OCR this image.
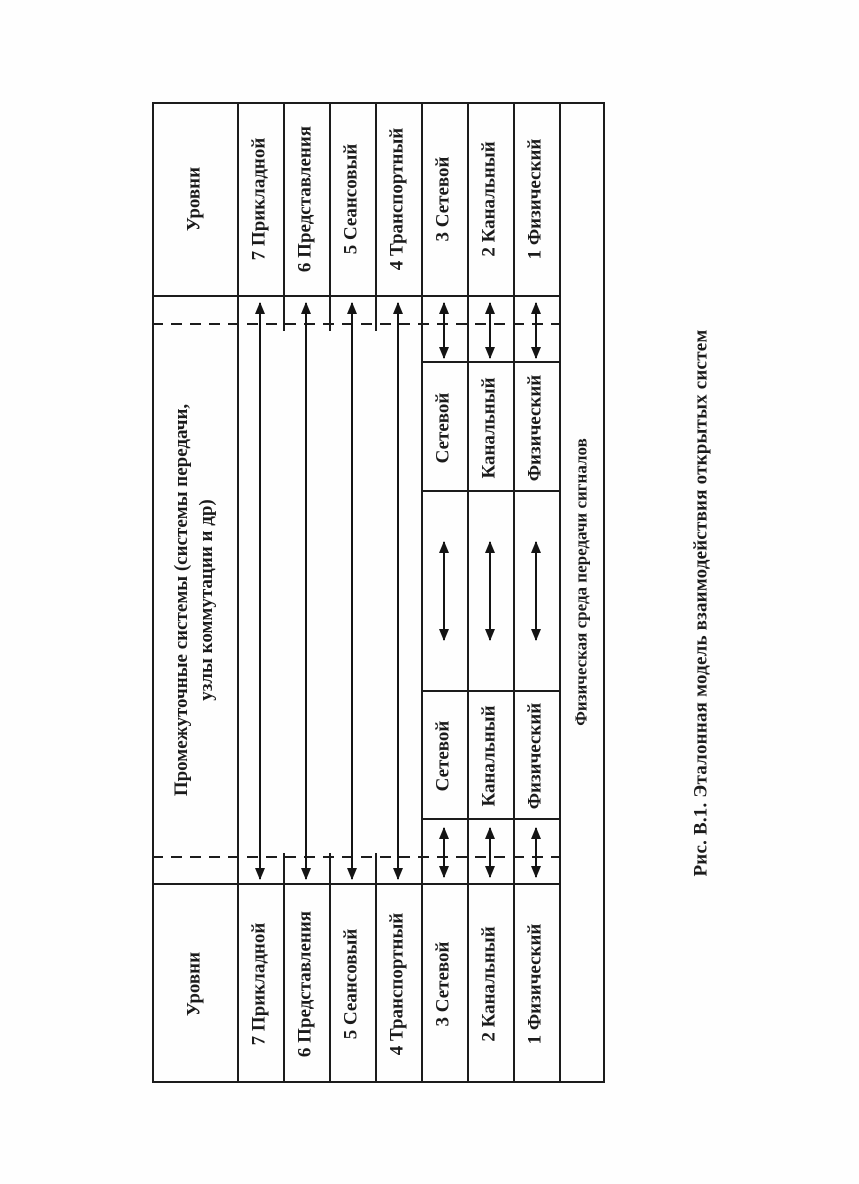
Уровни
Уровни
Промежуточные системы (системы передачи, узлы коммутации и др)
7 Прикладной 6 Представления 5 Сеансовый 4 Транспортный 3 Сетевой 2 Канальный 1 Физический
7 Прикладной 6 Представления 5 Сеансовый 4 Транспортный 3 Сетевой 2 Канальный 1 Физический
Сетевой Канальный Физический
Сетевой Канальный Физический
Физическая среда передачи сигналов	Рис. В.1. Эталонная модель взаимодействия открытых систем
